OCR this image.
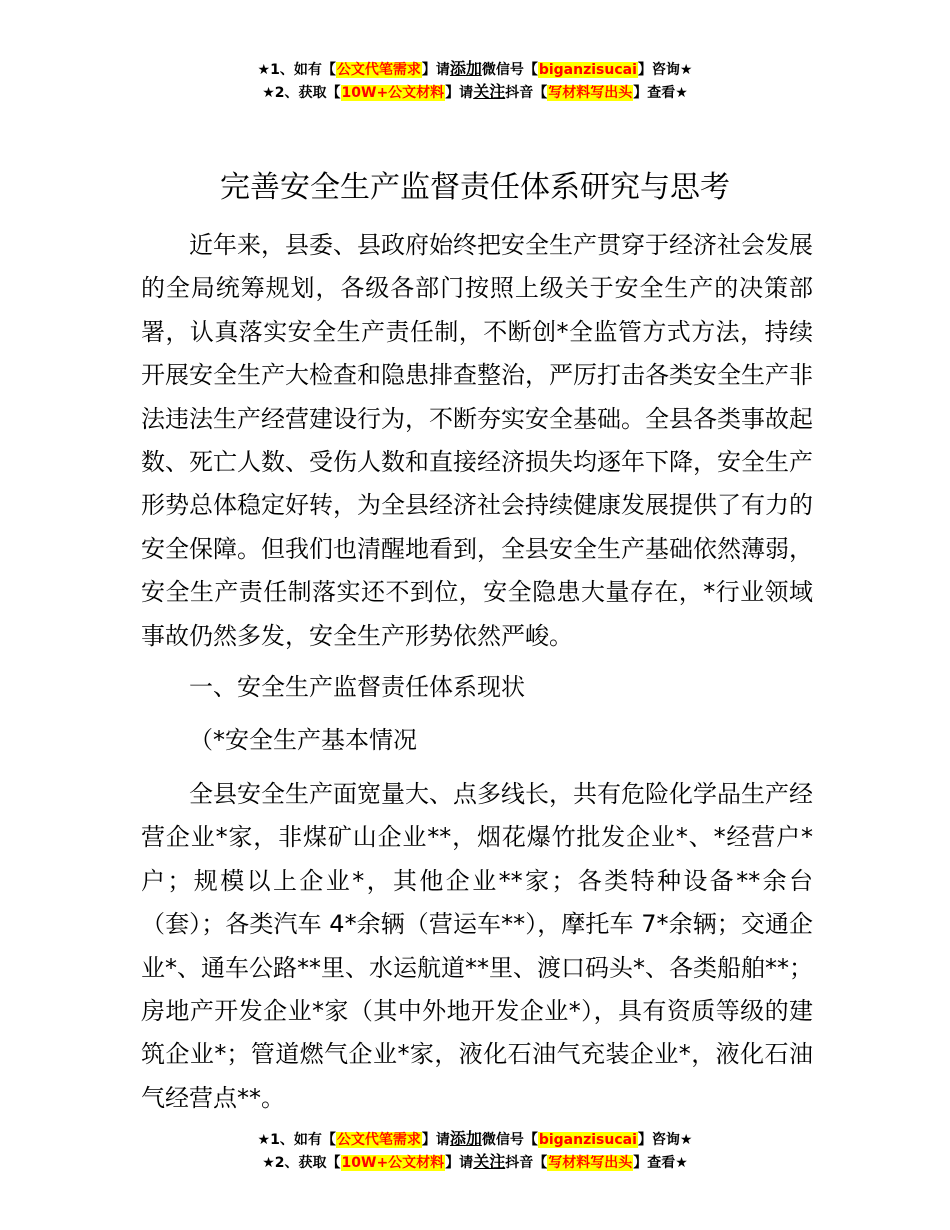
★1、如有【公文代笔需求】请添加微信号【biganzisucai】咨询★
★2、获取【10W+公文材料】请关注抖音【写材料写出头】查看★
完善安全生产监督责任体系研究与思考

近年来，县委、县政府始终把安全生产贯穿于经济社会发展的全局统筹规划，各级各部门按照上级关于安全生产的决策部署，认真落实安全生产责任制，不断创*全监管方式方法，持续开展安全生产大检查和隐患排查整治，严厉打击各类安全生产非法违法生产经营建设行为，不断夯实安全基础。全县各类事故起数、死亡人数、受伤人数和直接经济损失均逐年下降，安全生产形势总体稳定好转，为全县经济社会持续健康发展提供了有力的安全保障。但我们也清醒地看到，全县安全生产基础依然薄弱，安全生产责任制落实还不到位，安全隐患大量存在，*行业领域事故仍然多发，安全生产形势依然严峻。

一、安全生产监督责任体系现状

（*安全生产基本情况

全县安全生产面宽量大、点多线长，共有危险化学品生产经营企业*家，非煤矿山企业**，烟花爆竹批发企业*、*经营户*户；规模以上企业*，其他企业**家；各类特种设备**余台（套）；各类汽车 4*余辆（营运车**），摩托车 7*余辆；交通企业*、通车公路**里、水运航道**里、渡口码头*、各类船舶**；房地产开发企业*家（其中外地开发企业*），具有资质等级的建筑企业*；管道燃气企业*家，液化石油气充装企业*，液化石油气经营点**。

★1、如有【公文代笔需求】请添加微信号【biganzisucai】咨询★
★2、获取【10W+公文材料】请关注抖音【写材料写出头】查看★
